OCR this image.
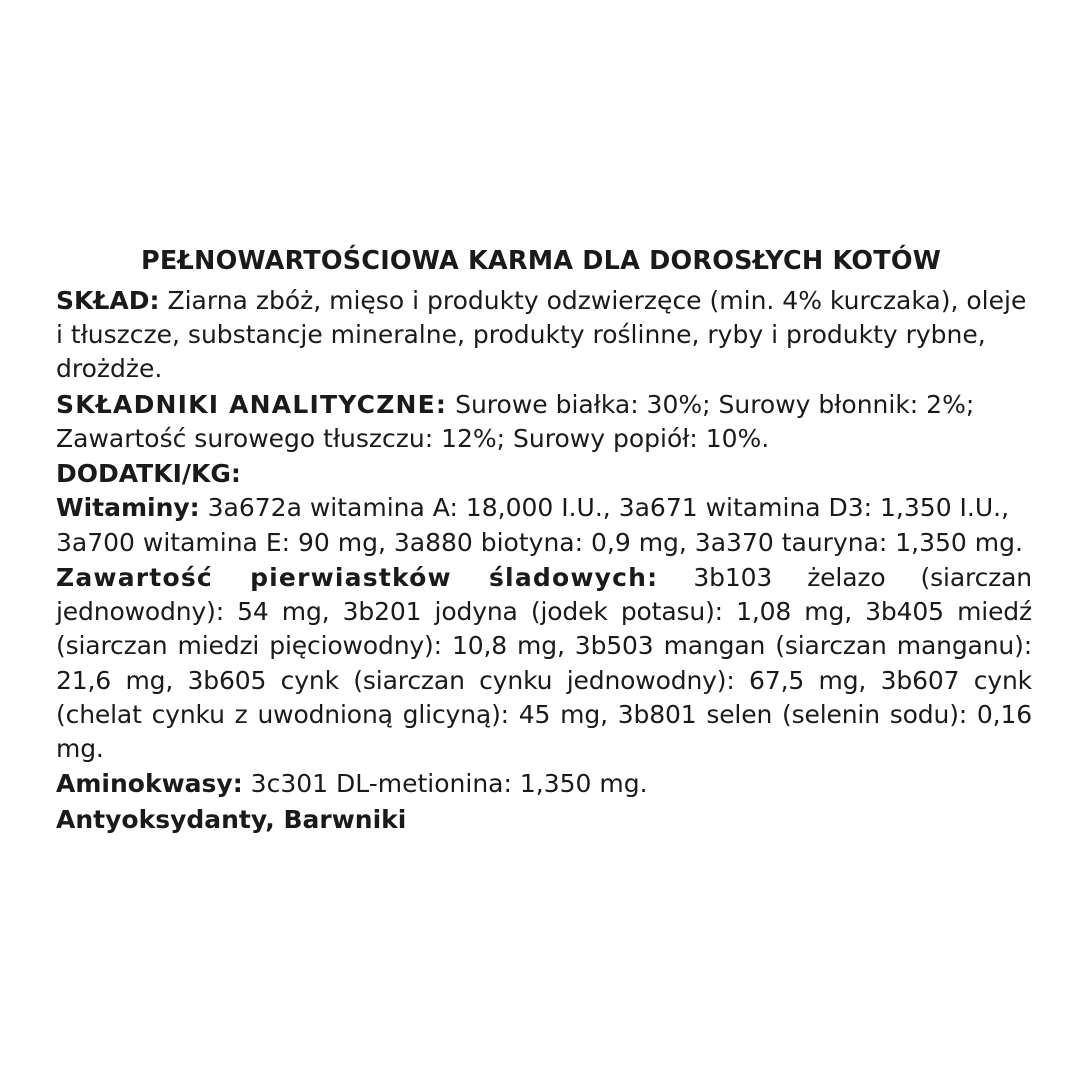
PEŁNOWARTOŚCIOWA KARMA DLA DOROSŁYCH KOTÓW

SKŁAD: Ziarna zbóż, mięso i produkty odzwierzęce (min. 4% kurczaka), oleje i tłuszcze, substancje mineralne, produkty roślinne, ryby i produkty rybne, drożdże.

SKŁADNIKI ANALITYCZNE: Surowe białka: 30%; Surowy błonnik: 2%; Zawartość surowego tłuszczu: 12%; Surowy popiół: 10%.

DODATKI/KG:

Witaminy: 3a672a witamina A: 18,000 I.U., 3a671 witamina D3: 1,350 I.U., 3a700 witamina E: 90 mg, 3a880 biotyna: 0,9 mg, 3a370 tauryna: 1,350 mg.

Zawartość pierwiastków śladowych: 3b103 żelazo (siarczan jednowodny): 54 mg, 3b201 jodyna (jodek potasu): 1,08 mg, 3b405 miedź (siarczan miedzi pięciowodny): 10,8 mg, 3b503 mangan (siarczan manganu): 21,6 mg, 3b605 cynk (siarczan cynku jednowodny): 67,5 mg, 3b607 cynk (chelat cynku z uwodnioną glicyną): 45 mg, 3b801 selen (selenin sodu): 0,16 mg.

Aminokwasy: 3c301 DL-metionina: 1,350 mg.

Antyoksydanty, Barwniki
